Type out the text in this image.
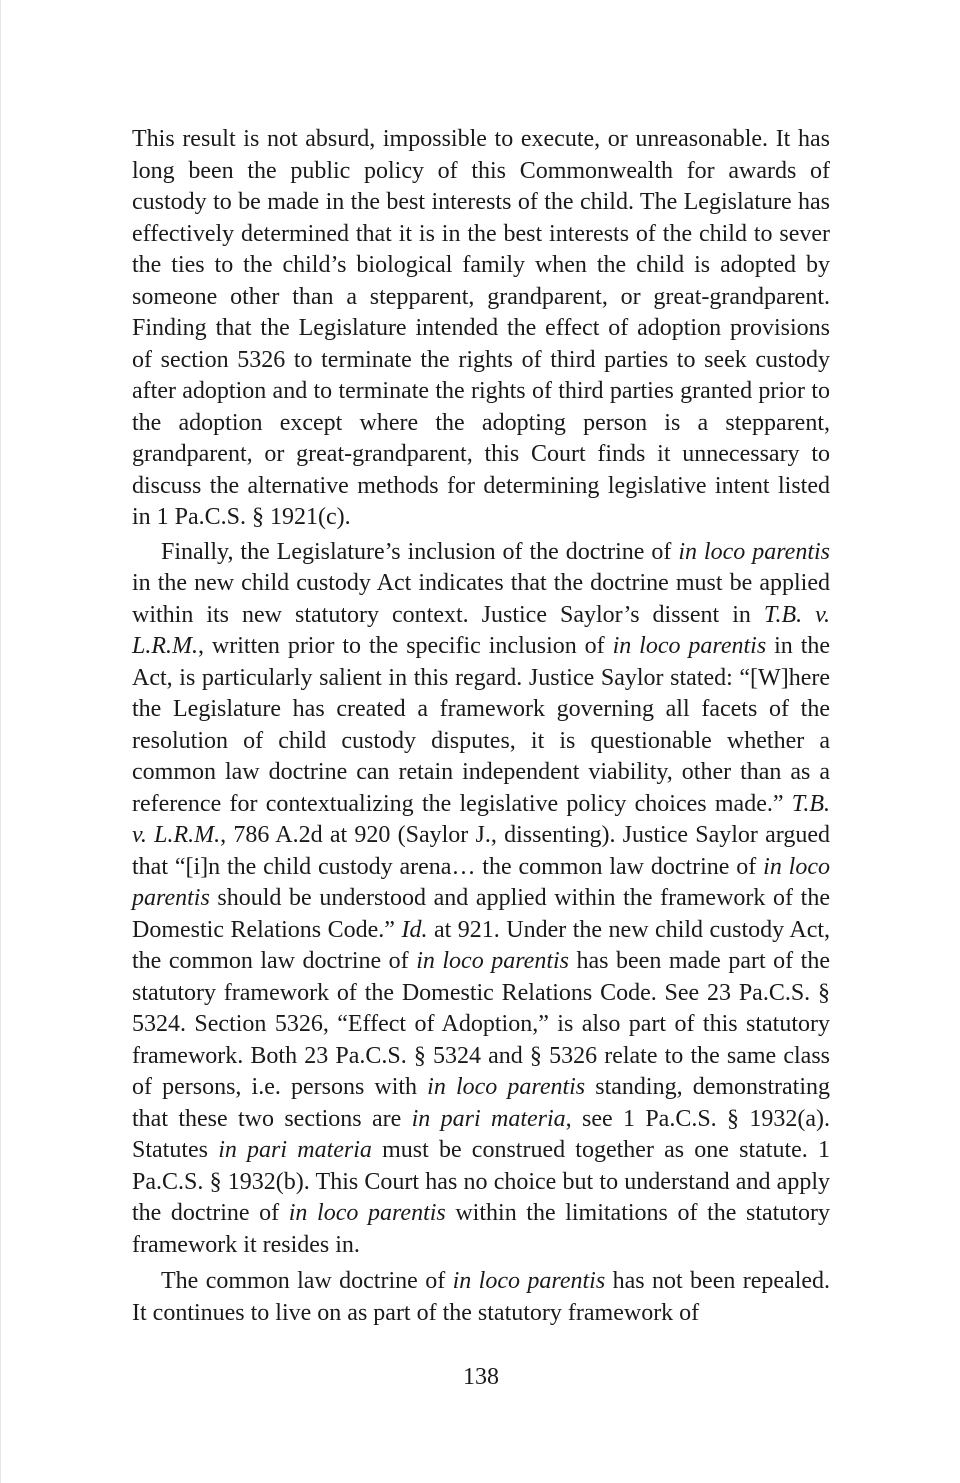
This result is not absurd, impossible to execute, or unreasonable. It has long been the public policy of this Commonwealth for awards of custody to be made in the best interests of the child. The Legislature has effectively determined that it is in the best interests of the child to sever the ties to the child’s biological family when the child is adopted by someone other than a stepparent, grandparent, or great-grandparent. Finding that the Legislature intended the effect of adoption provisions of section 5326 to terminate the rights of third parties to seek custody after adoption and to terminate the rights of third parties granted prior to the adoption except where the adopting person is a stepparent, grandparent, or great-grandparent, this Court finds it unnecessary to discuss the alternative methods for determining legislative intent listed in 1 Pa.C.S. § 1921(c).

Finally, the Legislature’s inclusion of the doctrine of in loco parentis in the new child custody Act indicates that the doctrine must be applied within its new statutory context. Justice Saylor’s dissent in T.B. v. L.R.M., written prior to the specific inclusion of in loco parentis in the Act, is particularly salient in this regard. Justice Saylor stated: “[W]here the Legislature has created a framework governing all facets of the resolution of child custody disputes, it is questionable whether a common law doctrine can retain independent viability, other than as a reference for contextualizing the legislative policy choices made.” T.B. v. L.R.M., 786 A.2d at 920 (Saylor J., dissenting). Justice Saylor argued that “[i]n the child custody arena… the common law doctrine of in loco parentis should be understood and applied within the framework of the Domestic Relations Code.” Id. at 921. Under the new child custody Act, the common law doctrine of in loco parentis has been made part of the statutory framework of the Domestic Relations Code. See 23 Pa.C.S. § 5324. Section 5326, “Effect of Adoption,” is also part of this statutory framework. Both 23 Pa.C.S. § 5324 and § 5326 relate to the same class of persons, i.e. persons with in loco parentis standing, demonstrating that these two sections are in pari materia, see 1 Pa.C.S. § 1932(a). Statutes in pari materia must be construed together as one statute. 1 Pa.C.S. § 1932(b). This Court has no choice but to understand and apply the doctrine of in loco parentis within the limitations of the statutory framework it resides in.

The common law doctrine of in loco parentis has not been repealed. It continues to live on as part of the statutory framework of

138
